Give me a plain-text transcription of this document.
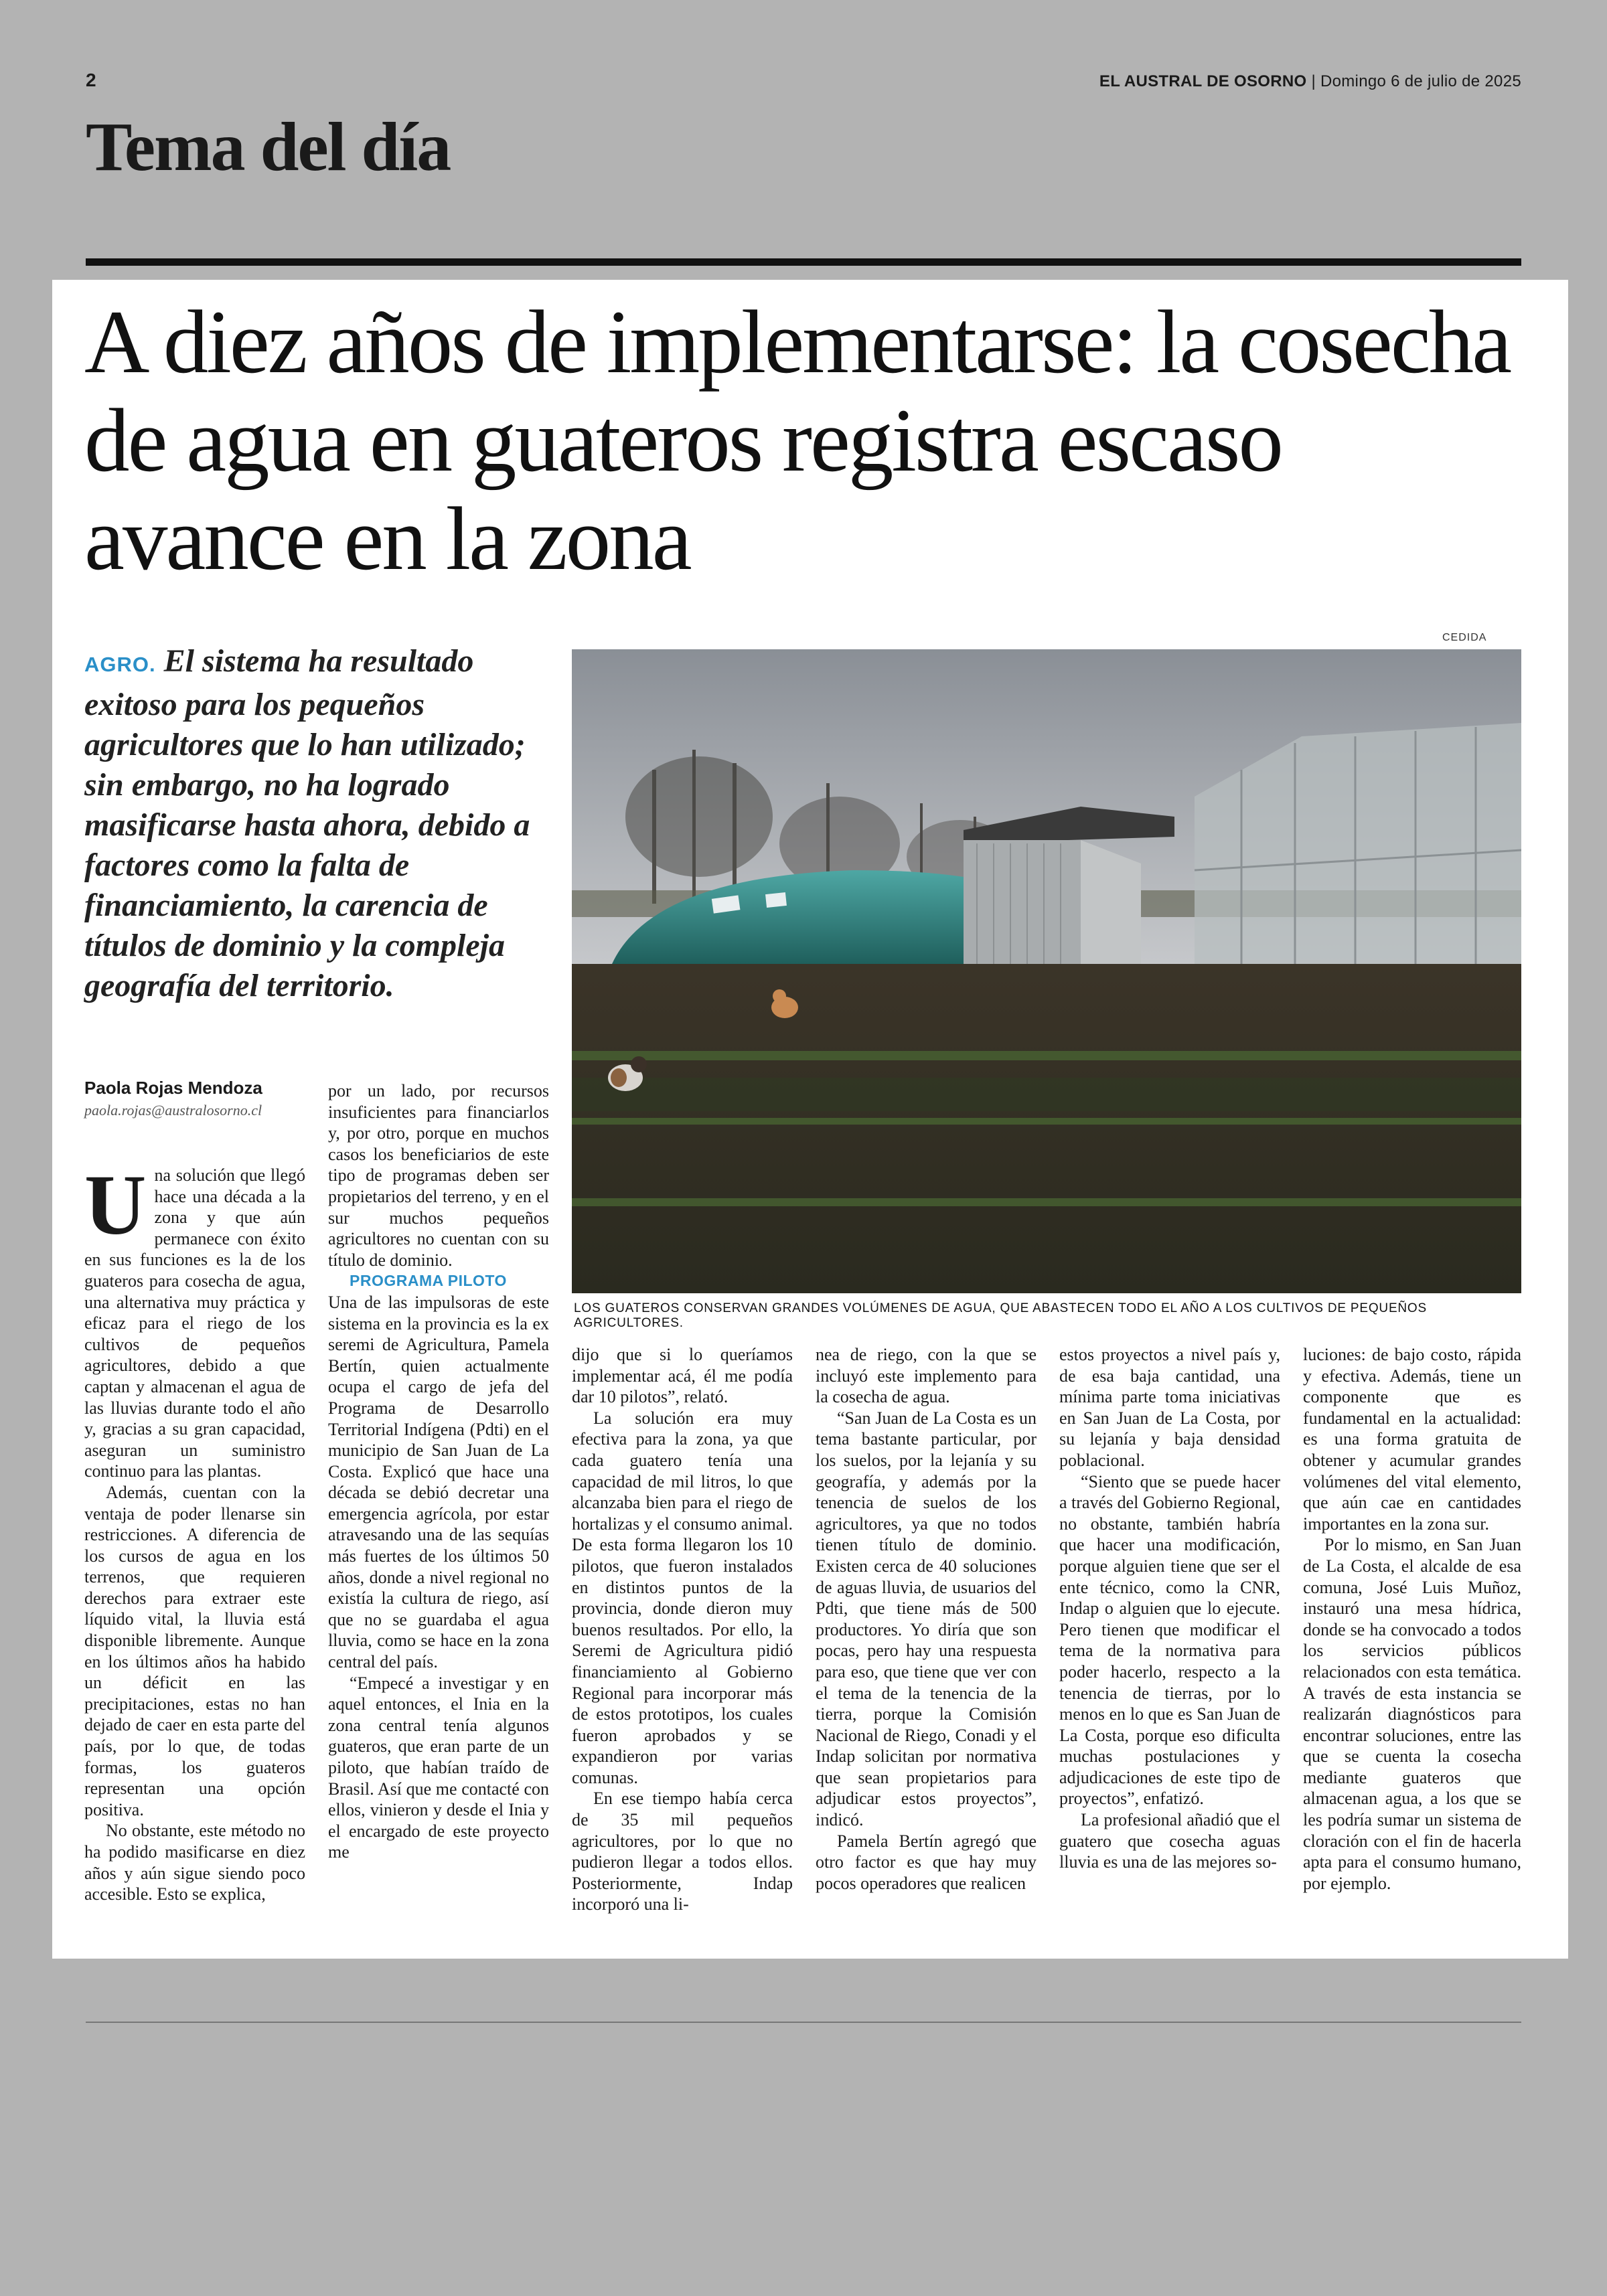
2	EL AUSTRAL DE OSORNO | Domingo 6 de julio de 2025
Tema del día
A diez años de implementarse: la cosecha de agua en guateros registra escaso avance en la zona
AGRO. El sistema ha resultado exitoso para los pequeños agricultores que lo han utilizado; sin embargo, no ha logrado masificarse hasta ahora, debido a factores como la falta de financiamiento, la carencia de títulos de dominio y la compleja geografía del territorio.
CEDIDA
LOS GUATEROS CONSERVAN GRANDES VOLÚMENES DE AGUA, QUE ABASTECEN TODO EL AÑO A LOS CULTIVOS DE PEQUEÑOS AGRICULTORES.
Paola Rojas Mendoza
paola.rojas@australosorno.cl

Una solución que llegó hace una década a la zona y que aún permanece con éxito en sus funciones es la de los guateros para cosecha de agua, una alternativa muy práctica y eficaz para el riego de los cultivos de pequeños agricultores, debido a que captan y almacenan el agua de las lluvias durante todo el año y, gracias a su gran capacidad, aseguran un suministro continuo para las plantas.

Además, cuentan con la ventaja de poder llenarse sin restricciones. A diferencia de los cursos de agua en los terrenos, que requieren derechos para extraer este líquido vital, la lluvia está disponible libremente. Aunque en los últimos años ha habido un déficit en las precipitaciones, estas no han dejado de caer en esta parte del país, por lo que, de todas formas, los guateros representan una opción positiva.

No obstante, este método no ha podido masificarse en diez años y aún sigue siendo poco accesible. Esto se explica,

por un lado, por recursos insuficientes para financiarlos y, por otro, porque en muchos casos los beneficiarios de este tipo de programas deben ser propietarios del terreno, y en el sur muchos pequeños agricultores no cuentan con su título de dominio.

PROGRAMA PILOTO

Una de las impulsoras de este sistema en la provincia es la ex seremi de Agricultura, Pamela Bertín, quien actualmente ocupa el cargo de jefa del Programa de Desarrollo Territorial Indígena (Pdti) en el municipio de San Juan de La Costa. Explicó que hace una década se debió decretar una emergencia agrícola, por estar atravesando una de las sequías más fuertes de los últimos 50 años, donde a nivel regional no existía la cultura de riego, así que no se guardaba el agua lluvia, como se hace en la zona central del país.

“Empecé a investigar y en aquel entonces, el Inia en la zona central tenía algunos guateros, que eran parte de un piloto, que habían traído de Brasil. Así que me contacté con ellos, vinieron y desde el Inia y el encargado de este proyecto me

dijo que si lo queríamos implementar acá, él me podía dar 10 pilotos”, relató.

La solución era muy efectiva para la zona, ya que cada guatero tenía una capacidad de mil litros, lo que alcanzaba bien para el riego de hortalizas y el consumo animal. De esta forma llegaron los 10 pilotos, que fueron instalados en distintos puntos de la provincia, donde dieron muy buenos resultados. Por ello, la Seremi de Agricultura pidió financiamiento al Gobierno Regional para incorporar más de estos prototipos, los cuales fueron aprobados y se expandieron por varias comunas.

En ese tiempo había cerca de 35 mil pequeños agricultores, por lo que no pudieron llegar a todos ellos. Posteriormente, Indap incorporó una li-

nea de riego, con la que se incluyó este implemento para la cosecha de agua.

“San Juan de La Costa es un tema bastante particular, por los suelos, por la lejanía y su geografía, y además por la tenencia de suelos de los agricultores, ya que no todos tienen título de dominio. Existen cerca de 40 soluciones de aguas lluvia, de usuarios del Pdti, que tiene más de 500 productores. Yo diría que son pocas, pero hay una respuesta para eso, que tiene que ver con el tema de la tenencia de la tierra, porque la Comisión Nacional de Riego, Conadi y el Indap solicitan por normativa que sean propietarios para adjudicar estos proyectos”, indicó.

Pamela Bertín agregó que otro factor es que hay muy pocos operadores que realicen

estos proyectos a nivel país y, de esa baja cantidad, una mínima parte toma iniciativas en San Juan de La Costa, por su lejanía y baja densidad poblacional.

“Siento que se puede hacer a través del Gobierno Regional, no obstante, también habría que hacer una modificación, porque alguien tiene que ser el ente técnico, como la CNR, Indap o alguien que lo ejecute. Pero tienen que modificar el tema de la normativa para poder hacerlo, respecto a la tenencia de tierras, por lo menos en lo que es San Juan de La Costa, porque eso dificulta muchas postulaciones y adjudicaciones de este tipo de proyectos”, enfatizó.

La profesional añadió que el guatero que cosecha aguas lluvia es una de las mejores so-

luciones: de bajo costo, rápida y efectiva. Además, tiene un componente que es fundamental en la actualidad: es una forma gratuita de obtener y acumular grandes volúmenes del vital elemento, que aún cae en cantidades importantes en la zona sur.

Por lo mismo, en San Juan de La Costa, el alcalde de esa comuna, José Luis Muñoz, instauró una mesa hídrica, donde se ha convocado a todos los servicios públicos relacionados con esta temática. A través de esta instancia se realizarán diagnósticos para encontrar soluciones, entre las que se cuenta la cosecha mediante guateros que almacenan agua, a los que se les podría sumar un sistema de cloración con el fin de hacerla apta para el consumo humano, por ejemplo.
